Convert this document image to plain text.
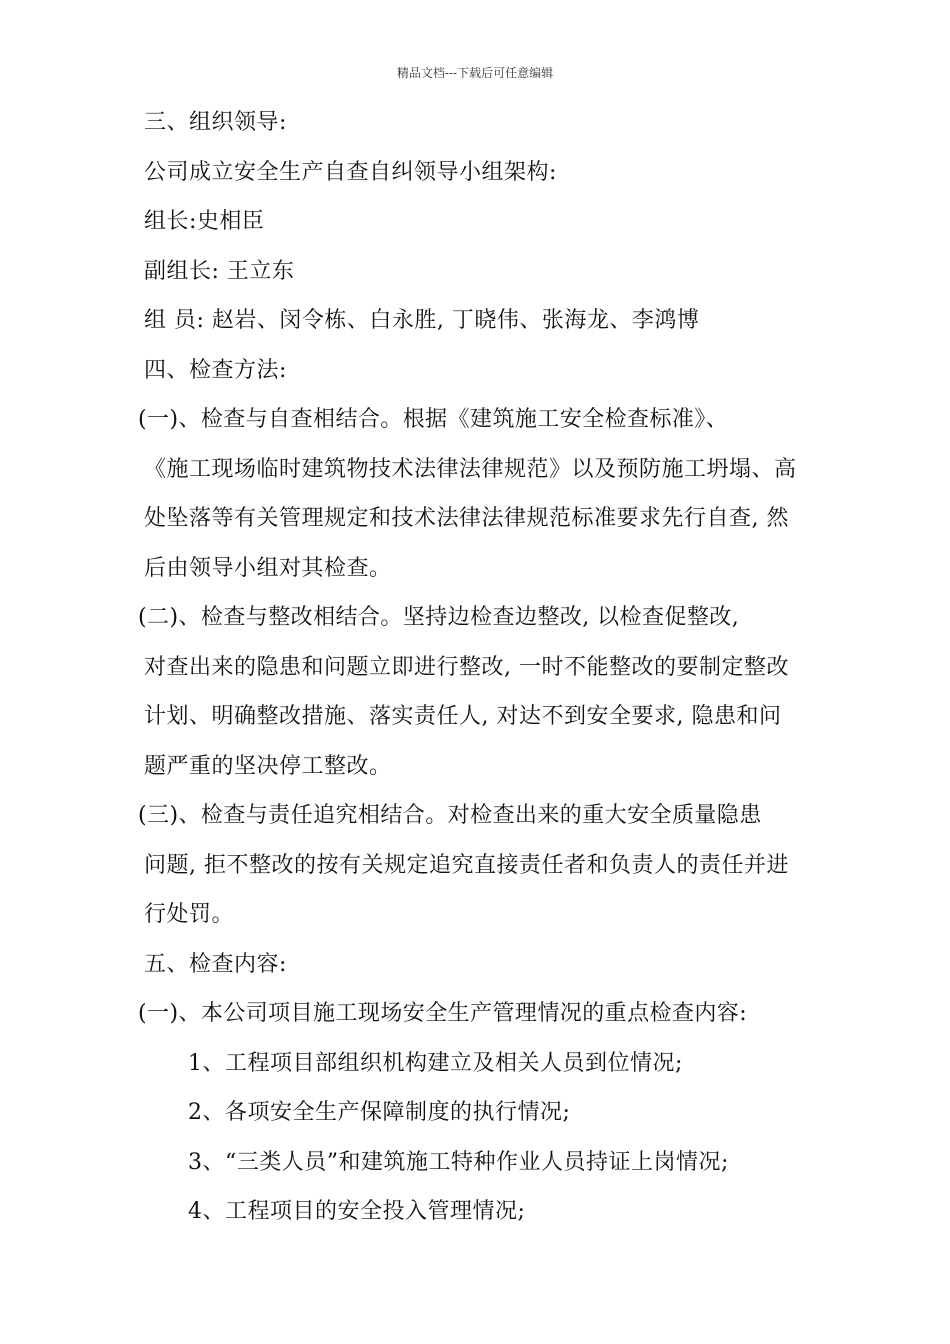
精品文档---下载后可任意编辑
三、组织领导:
公司成立安全生产自查自纠领导小组架构:
组长:史相臣
副组长: 王立东
组 员: 赵岩、闵令栋、白永胜, 丁晓伟、张海龙、李鸿博
四、检查方法:
(一)、检查与自查相结合。根据《建筑施工安全检查标准》、
《施工现场临时建筑物技术法律法律规范》以及预防施工坍塌、高
处坠落等有关管理规定和技术法律法律规范标准要求先行自查, 然
后由领导小组对其检查。
(二)、检查与整改相结合。坚持边检查边整改, 以检查促整改,
对查出来的隐患和问题立即进行整改, 一时不能整改的要制定整改
计划、明确整改措施、落实责任人, 对达不到安全要求, 隐患和问
题严重的坚决停工整改。
(三)、检查与责任追究相结合。对检查出来的重大安全质量隐患
问题, 拒不整改的按有关规定追究直接责任者和负责人的责任并进
行处罚。
五、检查内容:
(一)、本公司项目施工现场安全生产管理情况的重点检查内容:
1、工程项目部组织机构建立及相关人员到位情况;
2、各项安全生产保障制度的执行情况;
3、“三类人员”和建筑施工特种作业人员持证上岗情况;
4、工程项目的安全投入管理情况;
